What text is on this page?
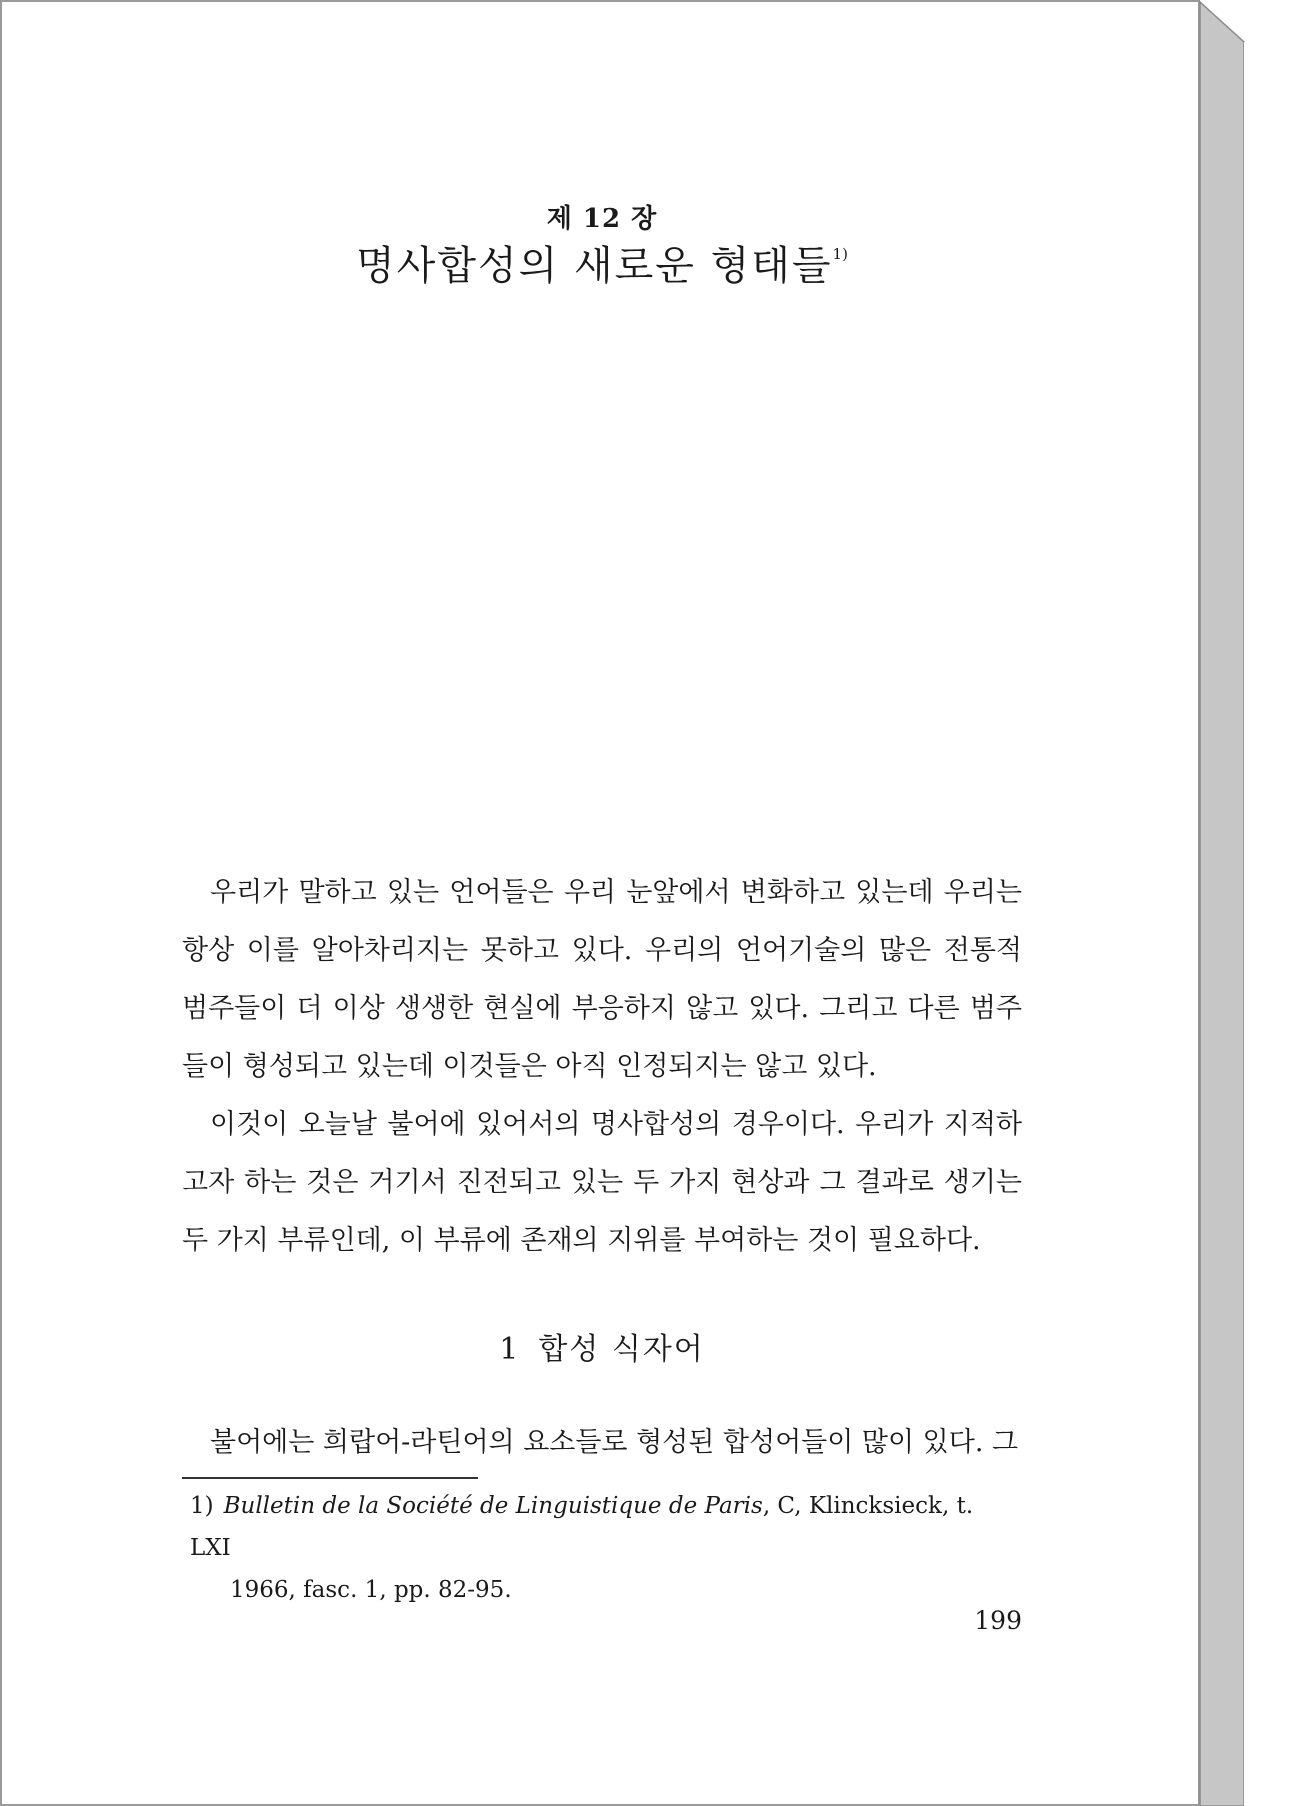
제 12 장
명사합성의 새로운 형태들$^{1)}$

우리가 말하고 있는 언어들은 우리 눈앞에서 변화하고 있는데 우리는 항상 이를 알아차리지는 못하고 있다. 우리의 언어기술의 많은 전통적 범주들이 더 이상 생생한 현실에 부응하지 않고 있다. 그리고 다른 범주들이 형성되고 있는데 이것들은 아직 인정되지는 않고 있다.

이것이 오늘날 불어에 있어서의 명사합성의 경우이다. 우리가 지적하고자 하는 것은 거기서 진전되고 있는 두 가지 현상과 그 결과로 생기는 두 가지 부류인데, 이 부류에 존재의 지위를 부여하는 것이 필요하다.

1 합성 식자어

불어에는 희랍어-라틴어의 요소들로 형성된 합성어들이 많이 있다. 그

1) Bulletin de la Société de Linguistique de Paris, C, Klincksieck, t. LXI
1966, fasc. 1, pp. 82-95.
199
